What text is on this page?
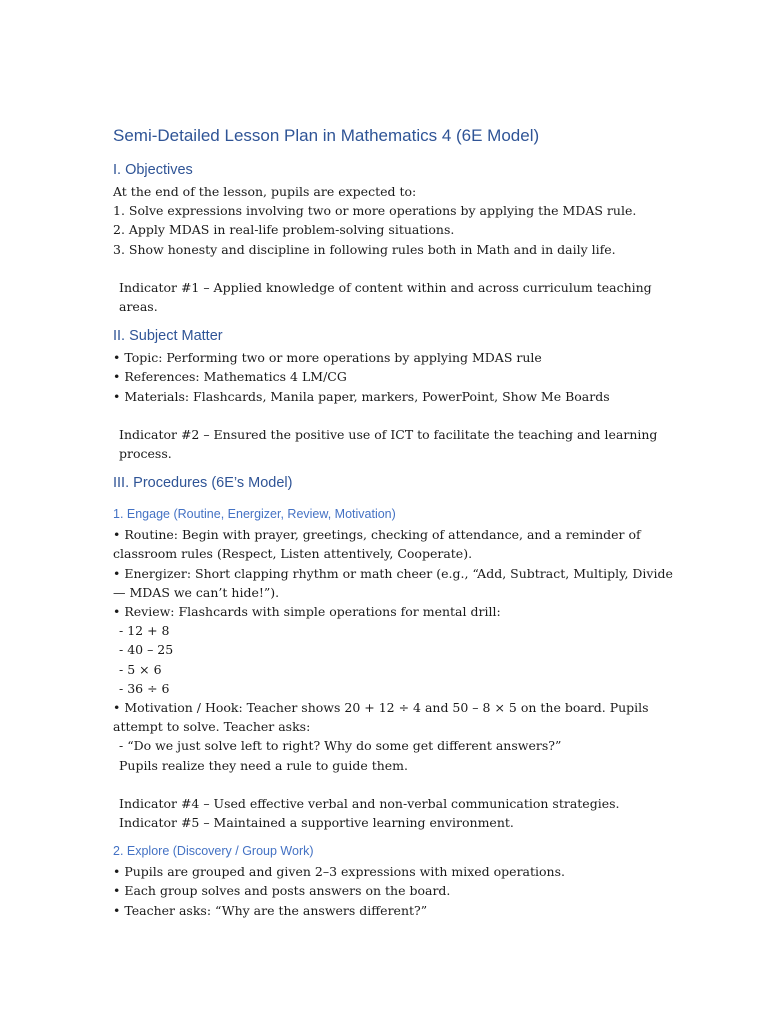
Semi-Detailed Lesson Plan in Mathematics 4 (6E Model)
I. Objectives

At the end of the lesson, pupils are expected to:

1. Solve expressions involving two or more operations by applying the MDAS rule.

2. Apply MDAS in real-life problem-solving situations.

3. Show honesty and discipline in following rules both in Math and in daily life.

Indicator #1 – Applied knowledge of content within and across curriculum teaching areas.

II. Subject Matter

• Topic: Performing two or more operations by applying MDAS rule

• References: Mathematics 4 LM/CG

• Materials: Flashcards, Manila paper, markers, PowerPoint, Show Me Boards

Indicator #2 – Ensured the positive use of ICT to facilitate the teaching and learning process.

III. Procedures (6E’s Model)
1. Engage (Routine, Energizer, Review, Motivation)

• Routine: Begin with prayer, greetings, checking of attendance, and a reminder of classroom rules (Respect, Listen attentively, Cooperate).

• Energizer: Short clapping rhythm or math cheer (e.g., “Add, Subtract, Multiply, Divide — MDAS we can’t hide!”).

• Review: Flashcards with simple operations for mental drill:

- 12 + 8

- 40 – 25

- 5 × 6

- 36 ÷ 6

• Motivation / Hook: Teacher shows 20 + 12 ÷ 4 and 50 – 8 × 5 on the board. Pupils attempt to solve. Teacher asks:

- “Do we just solve left to right? Why do some get different answers?”

Pupils realize they need a rule to guide them.

Indicator #4 – Used effective verbal and non-verbal communication strategies.

Indicator #5 – Maintained a supportive learning environment.

2. Explore (Discovery / Group Work)

• Pupils are grouped and given 2–3 expressions with mixed operations.

• Each group solves and posts answers on the board.

• Teacher asks: “Why are the answers different?”
